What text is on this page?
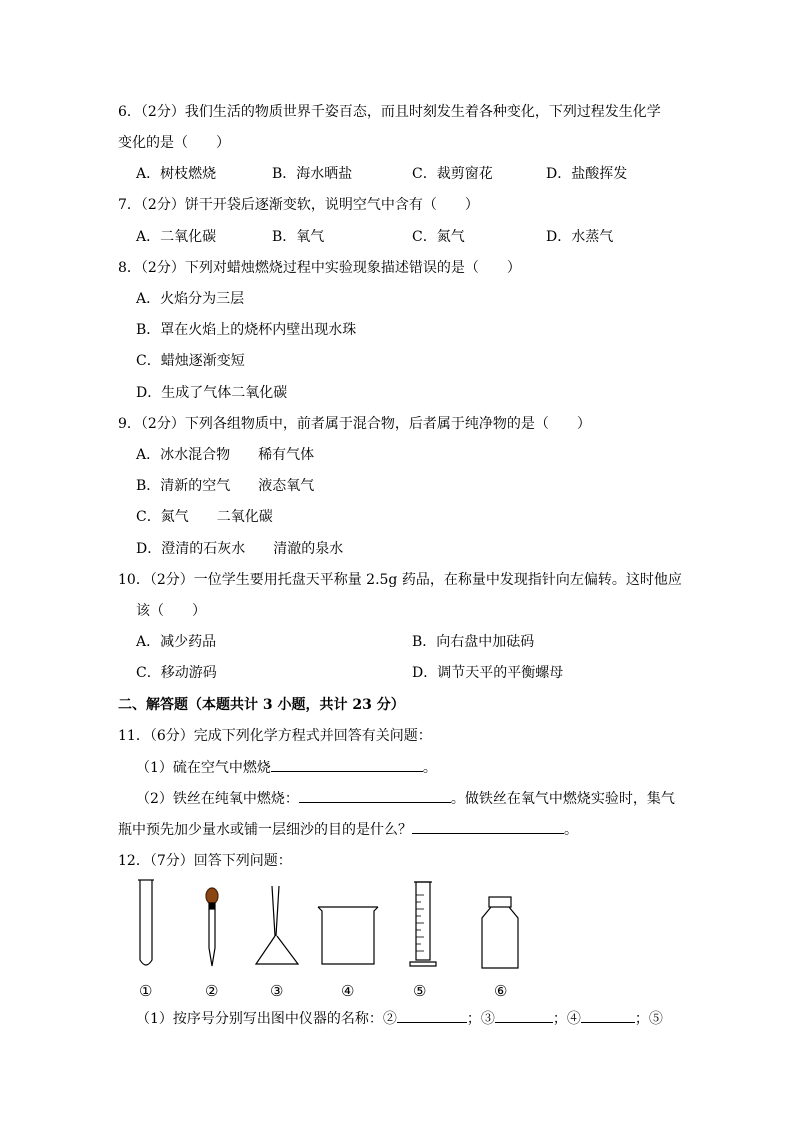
6．（2分）我们生活的物质世界千姿百态，而且时刻发生着各种变化，下列过程发生化学
变化的是（　　）
A．树枝燃烧	B．海水晒盐	C．裁剪窗花	D．盐酸挥发
7．（2分）饼干开袋后逐渐变软，说明空气中含有（　　）
A．二氧化碳	B．氧气	C．氮气	D．水蒸气
8．（2分）下列对蜡烛燃烧过程中实验现象描述错误的是（　　）
A．火焰分为三层
B．罩在火焰上的烧杯内壁出现水珠
C．蜡烛逐渐变短
D．生成了气体二氧化碳
9．（2分）下列各组物质中，前者属于混合物，后者属于纯净物的是（　　）
A．冰水混合物　　稀有气体
B．清新的空气　　液态氧气
C．氮气　　二氧化碳
D．澄清的石灰水　　清澈的泉水
10．（2分）一位学生要用托盘天平称量 2.5g 药品，在称量中发现指针向左偏转。这时他应
该（　　）
A．减少药品	B．向右盘中加砝码
C．移动游码	D．调节天平的平衡螺母
二、解答题（本题共计 3 小题，共计 23 分）
11．（6分）完成下列化学方程式并回答有关问题：
（1）硫在空气中燃烧	。
（2）铁丝在纯氧中燃烧：	。做铁丝在氧气中燃烧实验时，集气
瓶中预先加少量水或铺一层细沙的目的是什么？	。
12．（7分）回答下列问题：
①	②	③	④	⑤	⑥
（1）按序号分别写出图中仪器的名称：②	；③	；④	；⑤
